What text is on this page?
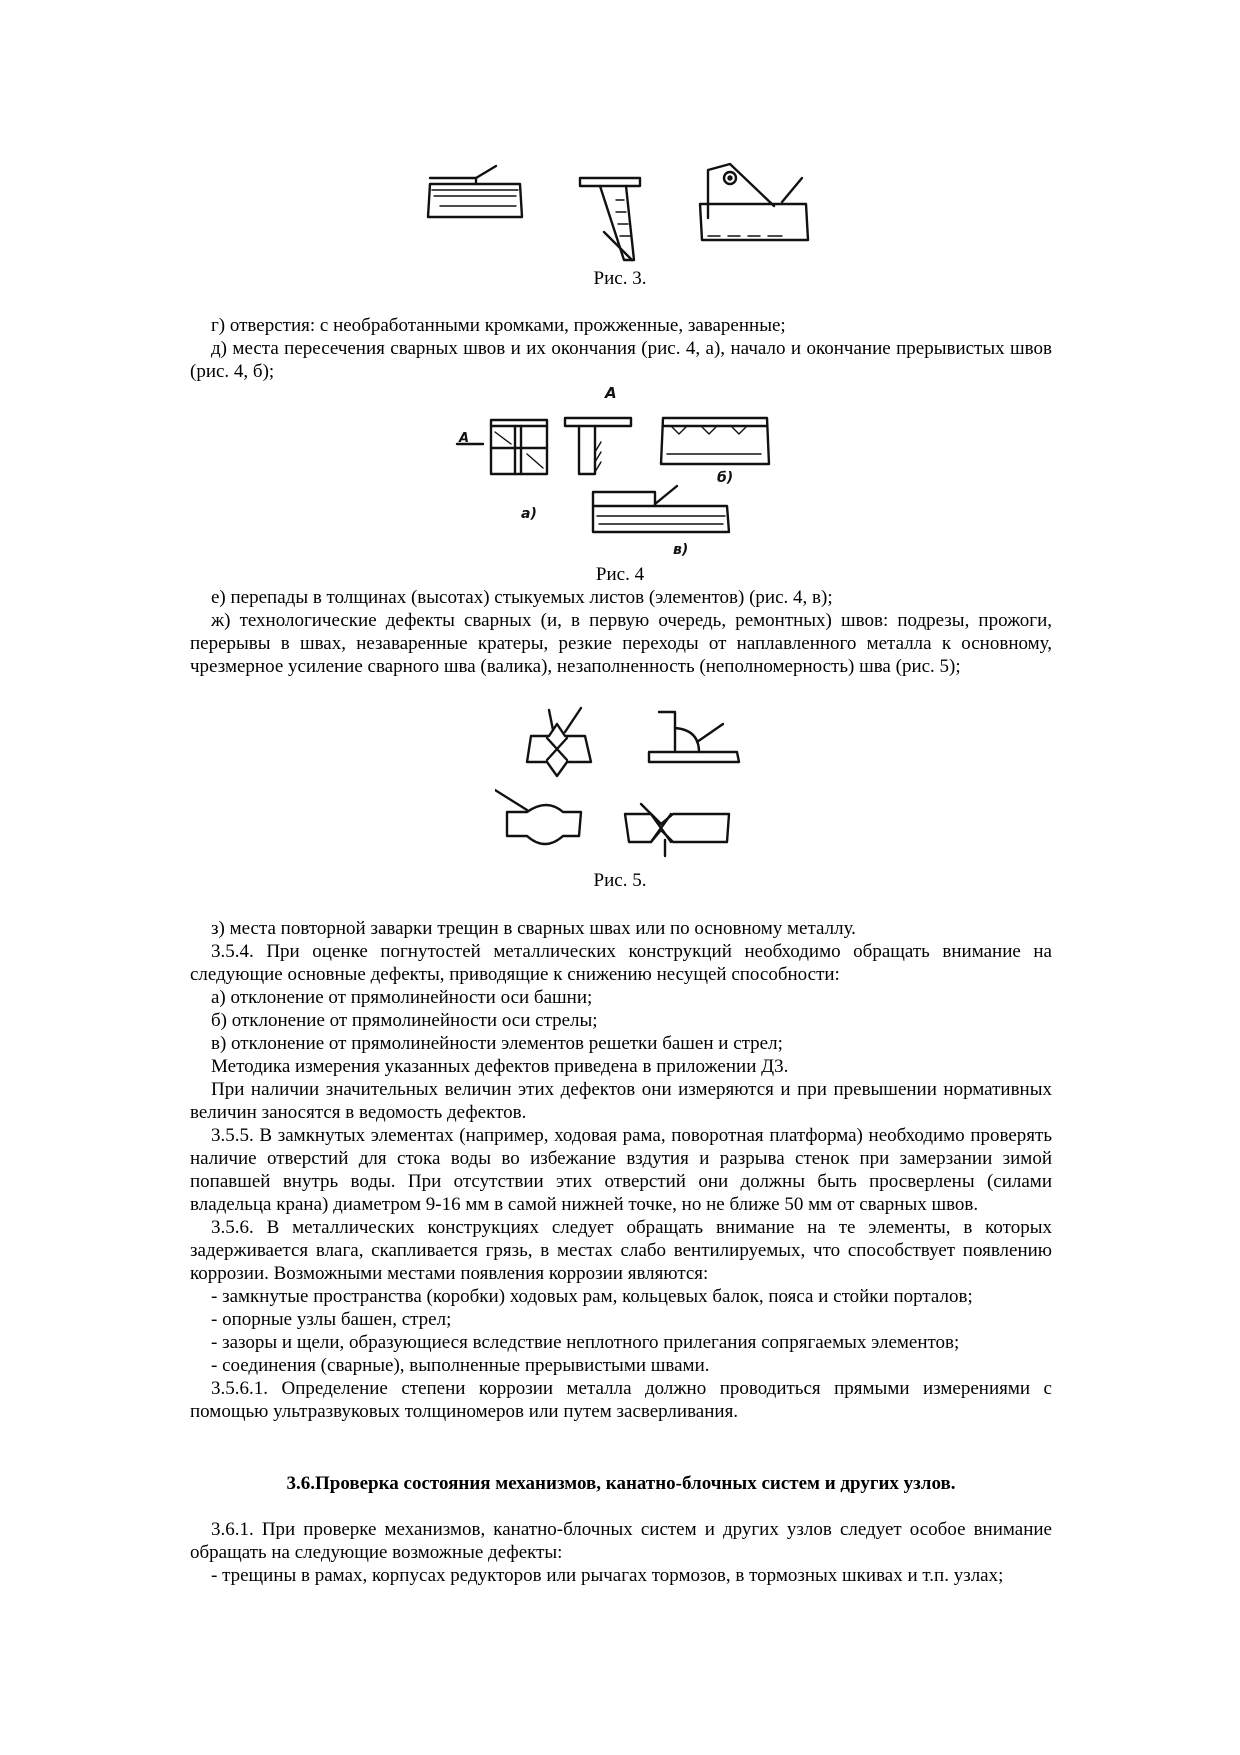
Рис. 3.

г) отверстия: с необработанными кромками, прожженные, заваренные;

д) места пересечения сварных швов и их окончания (рис. 4, а), начало и окончание прерывистых швов (рис. 4, б);

А
А
б)
а)
в)
Рис. 4

е) перепады в толщинах (высотах) стыкуемых листов (элементов) (рис. 4, в);

ж) технологические дефекты сварных (и, в первую очередь, ремонтных) швов: подрезы, прожоги, перерывы в швах, незаваренные кратеры, резкие переходы от наплавленного металла к основному, чрезмерное усиление сварного шва (валика), незаполненность (неполномерность) шва (рис. 5);

Рис. 5.

з) места повторной заварки трещин в сварных швах или по основному металлу.

3.5.4. При оценке погнутостей металлических конструкций необходимо обращать внимание на следующие основные дефекты, приводящие к снижению несущей способности:

а) отклонение от прямолинейности оси башни;

б) отклонение от прямолинейности оси стрелы;

в) отклонение от прямолинейности элементов решетки башен и стрел;

Методика измерения указанных дефектов приведена в приложении Д3.

При наличии значительных величин этих дефектов они измеряются и при превышении нормативных величин заносятся в ведомость дефектов.

3.5.5. В замкнутых элементах (например, ходовая рама, поворотная платформа) необходимо проверять наличие отверстий для стока воды во избежание вздутия и разрыва стенок при замерзании зимой попавшей внутрь воды. При отсутствии этих отверстий они должны быть просверлены (силами владельца крана) диаметром 9-16 мм в самой нижней точке, но не ближе 50 мм от сварных швов.

3.5.6. В металлических конструкциях следует обращать внимание на те элементы, в которых задерживается влага, скапливается грязь, в местах слабо вентилируемых, что способствует появлению коррозии. Возможными местами появления коррозии являются:

- замкнутые пространства (коробки) ходовых рам, кольцевых балок, пояса и стойки порталов;

- опорные узлы башен, стрел;

- зазоры и щели, образующиеся вследствие неплотного прилегания сопрягаемых элементов;

- соединения (сварные), выполненные прерывистыми швами.

3.5.6.1. Определение степени коррозии металла должно проводиться прямыми измерениями с помощью ультразвуковых толщиномеров или путем засверливания.

3.6.Проверка состояния механизмов, канатно-блочных систем и других узлов.

3.6.1. При проверке механизмов, канатно-блочных систем и других узлов следует особое внимание обращать на следующие возможные дефекты:

- трещины в рамах, корпусах редукторов или рычагах тормозов, в тормозных шкивах и т.п. узлах;
